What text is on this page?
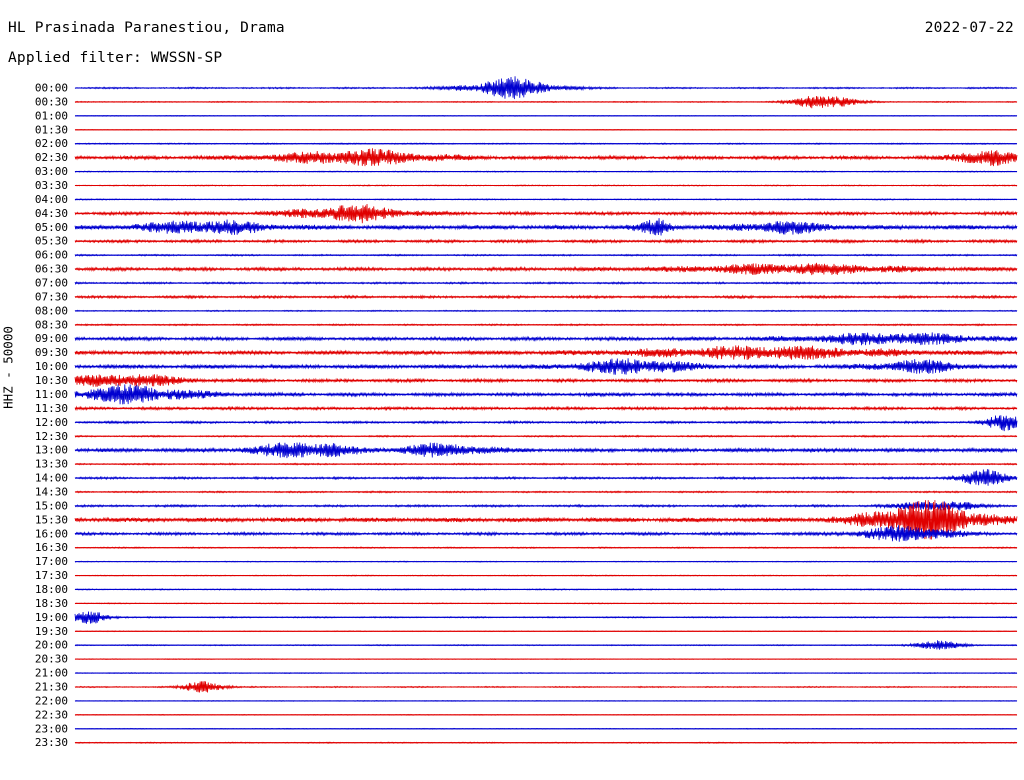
HL Prasinada Paranestiou, Drama	2022-07-22
Applied filter: WWSSN-SP
HHZ - 50000
00:00
00:30
01:00
01:30
02:00
02:30
03:00
03:30
04:00
04:30
05:00
05:30
06:00
06:30
07:00
07:30
08:00
08:30
09:00
09:30
10:00
10:30
11:00
11:30
12:00
12:30
13:00
13:30
14:00
14:30
15:00
15:30
16:00
16:30
17:00
17:30
18:00
18:30
19:00
19:30
20:00
20:30
21:00
21:30
22:00
22:30
23:00
23:30
